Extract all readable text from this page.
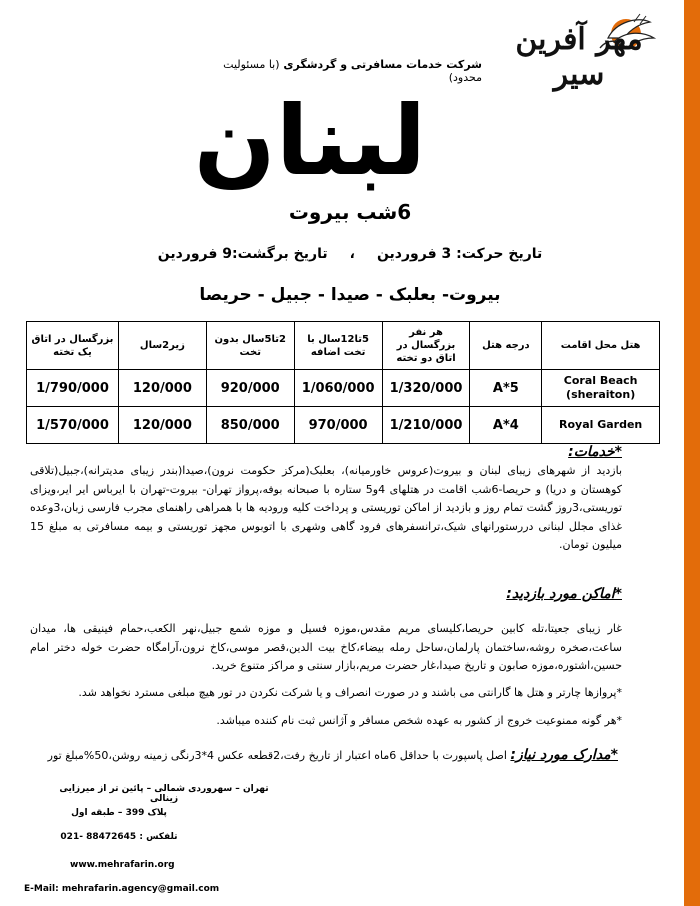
مهر آفرین سیر
شرکت خدمات مسافرتی و گردشگری (با مسئولیت محدود)
لبنان
6شب بیروت
تاریخ حرکت: 3 فروردین،تاریخ برگشت:9 فروردین
بیروت- بعلبک - صیدا - جبیل - حریصا
هتل محل اقامت	درجه هتل	هر نفر بزرگسال در اتاق دو تخته	5تا12سال با تخت اضافه	2تا5سال بدون تخت	زیر2سال	بزرگسال در اتاق یک تخته

Coral Beach
(sheraiton)	5*A	1/320/000	1/060/000	920/000	120/000	1/790/000

Royal Garden	4*A	1/210/000	970/000	850/000	120/000	1/570/000
*خدمات:
بازدید از شهرهای زیبای لبنان و بیروت(عروس خاورمیانه)، بعلبک(مرکز حکومت نرون)،صیدا(بندر زیبای مدیترانه)،جبیل(تلاقی کوهستان و دریا) و حریصا-6شب اقامت در هتلهای 4و5 ستاره با صبحانه بوفه،پرواز تهران- بیروت-تهران با ایرباس ایر ایر،ویزای توریستی،3روز گشت تمام روز و بازدید از اماکن توریستی و پرداخت کلیه ورودیه ها با همراهی راهنمای مجرب فارسی زبان،3وعده غذای مجلل لبنانی دررستورانهای شیک،ترانسفرهای فرود گاهی وشهری با اتوبوس مجهز توریستی و بیمه مسافرتی به مبلغ 15 میلیون تومان.
*اماکن مورد بازدید:
غار زیبای جعیتا،تله کابین حریصا،کلیسای مریم مقدس،موزه فسیل و موزه شمع جبیل،نهر الکعب،حمام فینیقی ها، میدان ساعت،صخره روشه،ساختمان پارلمان،ساحل رمله بیضاء،کاخ بیت الدین،قصر موسی،کاخ نرون،آرامگاه حضرت خوله دختر امام حسین،اشتوره،موزه صابون و تاریخ صیدا،غار حضرت مریم،بازار سنتی و مراکز متنوع خرید.
*پروازها چارتر و هتل ها گارانتی می باشند و در صورت انصراف و یا شرکت نکردن در تور هیچ مبلغی مسترد نخواهد شد.
*هر گونه ممنوعیت خروج از کشور به عهده شخص مسافر و آژانس ثبت نام کننده میباشد.
*مدارک مورد نیاز: اصل پاسپورت با حداقل 6ماه اعتبار از تاریخ رفت،2قطعه عکس 4*3رنگی زمینه روشن،50%مبلغ تور
تهران – سهروردی شمالی – پائین تر از میرزایی زینالی
پلاک 399 – طبقه اول
تلفکس : 88472645 -021
www.mehrafarin.org
E-Mail: mehrafarin.agency@gmail.com
